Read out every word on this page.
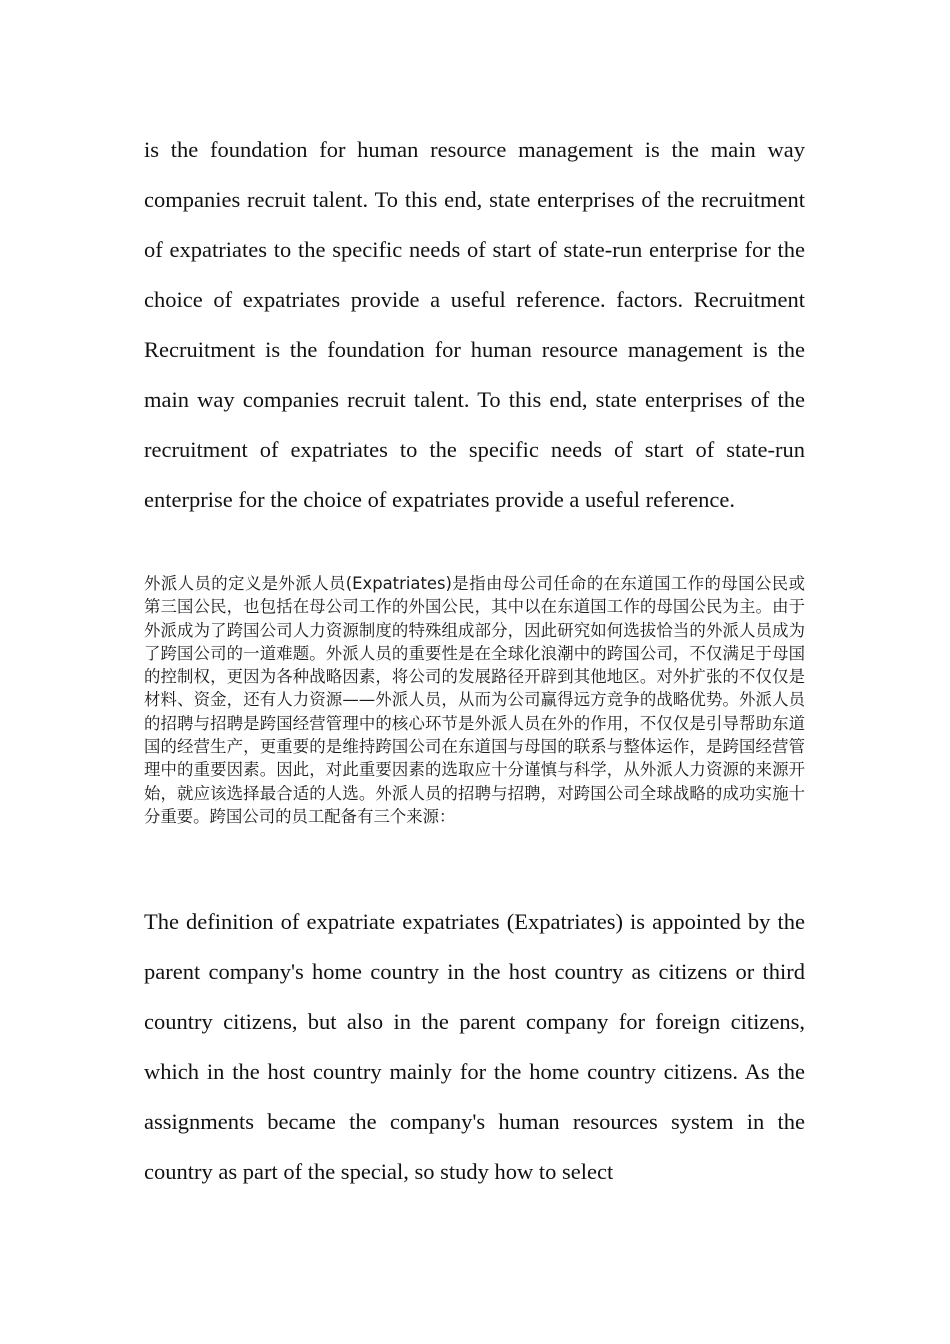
is the foundation for human resource management is the main way companies recruit talent. To this end, state enterprises of the recruitment of expatriates to the specific needs of start of state-run enterprise for the choice of expatriates provide a useful reference. factors. Recruitment Recruitment is the foundation for human resource management is the main way companies recruit talent. To this end, state enterprises of the recruitment of expatriates to the specific needs of start of state-run enterprise for the choice of expatriates provide a useful reference.

外派人员的定义是外派人员(Expatriates)是指由母公司任命的在东道国工作的母国公民或第三国公民，也包括在母公司工作的外国公民，其中以在东道国工作的母国公民为主。由于外派成为了跨国公司人力资源制度的特殊组成部分，因此研究如何选拔恰当的外派人员成为了跨国公司的一道难题。外派人员的重要性是在全球化浪潮中的跨国公司，不仅满足于母国的控制权，更因为各种战略因素，将公司的发展路径开辟到其他地区。对外扩张的不仅仅是材料、资金，还有人力资源——外派人员，从而为公司赢得远方竞争的战略优势。外派人员的招聘与招聘是跨国经营管理中的核心环节是外派人员在外的作用，不仅仅是引导帮助东道国的经营生产，更重要的是维持跨国公司在东道国与母国的联系与整体运作，是跨国经营管理中的重要因素。因此，对此重要因素的选取应十分谨慎与科学，从外派人力资源的来源开始，就应该选择最合适的人选。外派人员的招聘与招聘，对跨国公司全球战略的成功实施十分重要。跨国公司的员工配备有三个来源：

The definition of expatriate expatriates (Expatriates) is appointed by the parent company's home country in the host country as citizens or third country citizens, but also in the parent company for foreign citizens, which in the host country mainly for the home country citizens. As the assignments became the company's human resources system in the country as part of the special, so study how to select
